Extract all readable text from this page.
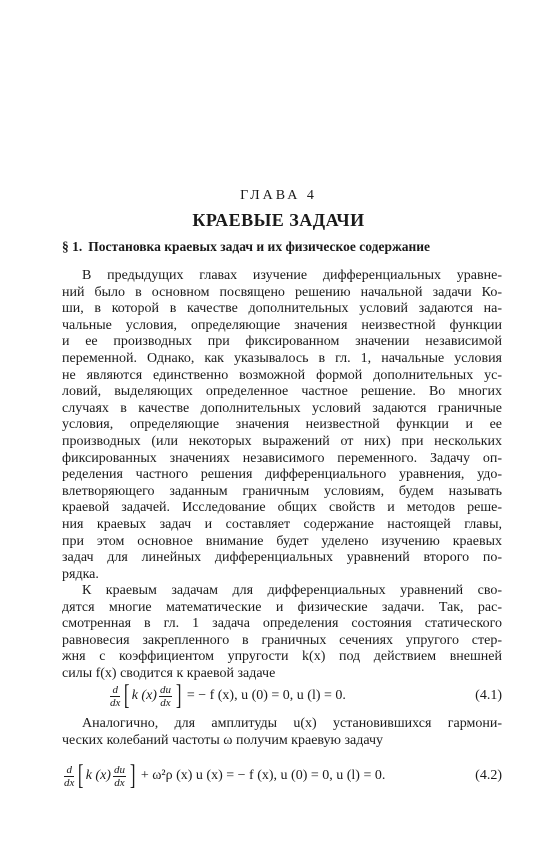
ГЛАВА 4
КРАЕВЫЕ ЗАДАЧИ
§ 1. Постановка краевых задач и их физическое содержание
В предыдущих главах изучение дифференциальных уравне-
ний было в основном посвящено решению начальной задачи Ко-
ши, в которой в качестве дополнительных условий задаются на-
чальные условия, определяющие значения неизвестной функции
и ее производных при фиксированном значении независимой
переменной. Однако, как указывалось в гл. 1, начальные условия
не являются единственно возможной формой дополнительных ус-
ловий, выделяющих определенное частное решение. Во многих
случаях в качестве дополнительных условий задаются граничные
условия, определяющие значения неизвестной функции и ее
производных (или некоторых выражений от них) при нескольких
фиксированных значениях независимого переменного. Задачу оп-
ределения частного решения дифференциального уравнения, удо-
влетворяющего заданным граничным условиям, будем называть
краевой задачей. Исследование общих свойств и методов реше-
ния краевых задач и составляет содержание настоящей главы,
при этом основное внимание будет уделено изучению краевых
задач для линейных дифференциальных уравнений второго по-
рядка.
К краевым задачам для дифференциальных уравнений сво-
дятся многие математические и физические задачи. Так, рас-
смотренная в гл. 1 задача определения состояния статического
равновесия закрепленного в граничных сечениях упругого стер-
жня с коэффициентом упругости k(x) под действием внешней
силы f(x) сводится к краевой задаче
$\frac{d}{dx}$ [ k $(x) \frac{du}{dx}$ ] = − f (x), u (0) = 0, u (l) = 0.	(4.1)
Аналогично, для амплитуды u(x) установившихся гармони-
ческих колебаний частоты ω получим краевую задачу
$\frac{d}{dx}$ [ k $(x) \frac{du}{dx}$ ] + ω²ρ (x) u (x) = − f (x), u (0) = 0, u (l) = 0.	(4.2)
